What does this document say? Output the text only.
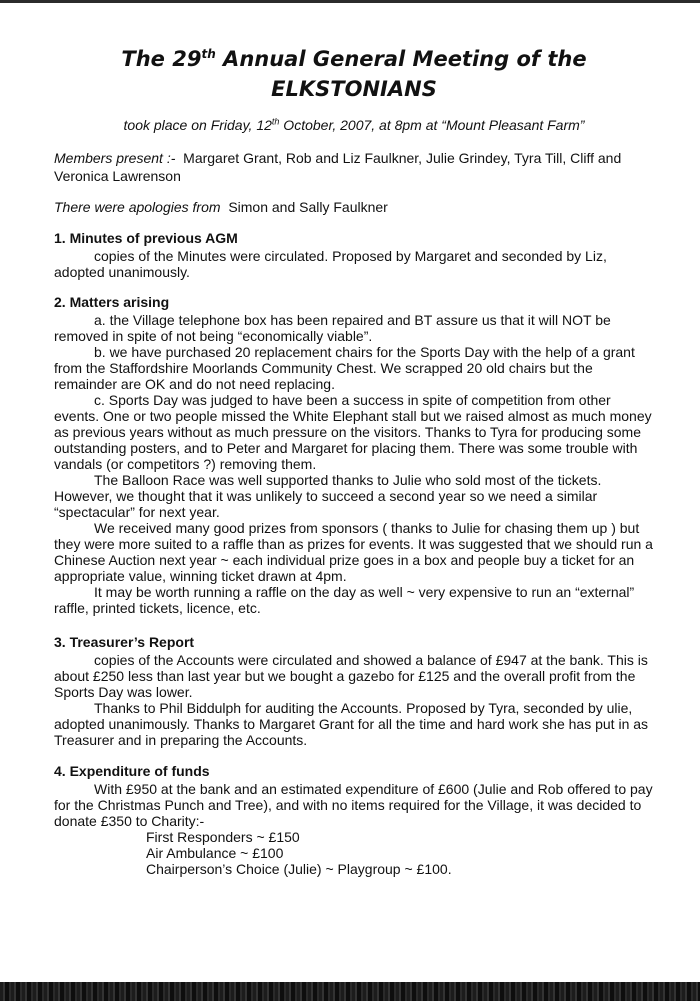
The 29th Annual General Meeting of the
ELKSTONIANS

took place on Friday, 12th October, 2007, at 8pm at “Mount Pleasant Farm”

Members present :- Margaret Grant, Rob and Liz Faulkner, Julie Grindey, Tyra Till, Cliff and Veronica Lawrenson
There were apologies from Simon and Sally Faulkner
1. Minutes of previous AGM

copies of the Minutes were circulated. Proposed by Margaret and seconded by Liz, adopted unanimously.

2. Matters arising

a. the Village telephone box has been repaired and BT assure us that it will NOT be removed in spite of not being “economically viable”.

b. we have purchased 20 replacement chairs for the Sports Day with the help of a grant from the Staffordshire Moorlands Community Chest. We scrapped 20 old chairs but the remainder are OK and do not need replacing.

c. Sports Day was judged to have been a success in spite of competition from other events. One or two people missed the White Elephant stall but we raised almost as much money as previous years without as much pressure on the visitors. Thanks to Tyra for producing some outstanding posters, and to Peter and Margaret for placing them. There was some trouble with vandals (or competitors ?) removing them.

The Balloon Race was well supported thanks to Julie who sold most of the tickets. However, we thought that it was unlikely to succeed a second year so we need a similar “spectacular” for next year.

We received many good prizes from sponsors ( thanks to Julie for chasing them up ) but they were more suited to a raffle than as prizes for events. It was suggested that we should run a Chinese Auction next year ~ each individual prize goes in a box and people buy a ticket for an appropriate value, winning ticket drawn at 4pm.

It may be worth running a raffle on the day as well ~ very expensive to run an “external” raffle, printed tickets, licence, etc.

3. Treasurer’s Report

copies of the Accounts were circulated and showed a balance of £947 at the bank. This is about £250 less than last year but we bought a gazebo for £125 and the overall profit from the Sports Day was lower.

Thanks to Phil Biddulph for auditing the Accounts. Proposed by Tyra, seconded by ulie, adopted unanimously. Thanks to Margaret Grant for all the time and hard work she has put in as Treasurer and in preparing the Accounts.

4. Expenditure of funds

With £950 at the bank and an estimated expenditure of £600 (Julie and Rob offered to pay for the Christmas Punch and Tree), and with no items required for the Village, it was decided to donate £350 to Charity:-

First Responders ~ £150
Air Ambulance ~ £100
Chairperson’s Choice (Julie) ~ Playgroup ~ £100.
